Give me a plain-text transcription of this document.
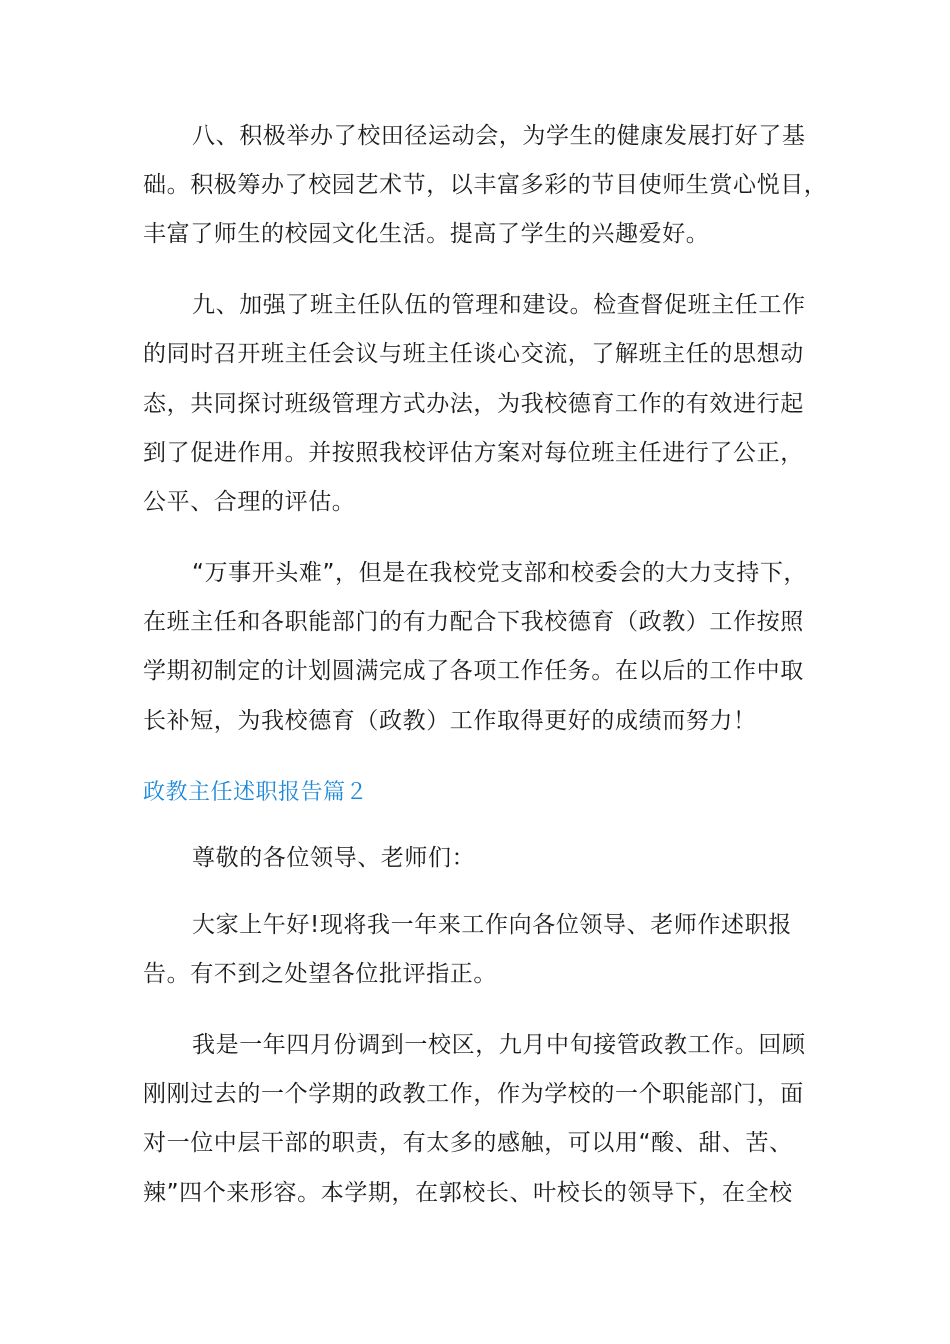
八、积极举办了校田径运动会，为学生的健康发展打好了基
础。积极筹办了校园艺术节，以丰富多彩的节目使师生赏心悦目，
丰富了师生的校园文化生活。提高了学生的兴趣爱好。
九、加强了班主任队伍的管理和建设。检查督促班主任工作
的同时召开班主任会议与班主任谈心交流，了解班主任的思想动
态，共同探讨班级管理方式办法，为我校德育工作的有效进行起
到了促进作用。并按照我校评估方案对每位班主任进行了公正，
公平、合理的评估。
“万事开头难”，但是在我校党支部和校委会的大力支持下，
在班主任和各职能部门的有力配合下我校德育（政教）工作按照
学期初制定的计划圆满完成了各项工作任务。在以后的工作中取
长补短，为我校德育（政教）工作取得更好的成绩而努力！
政教主任述职报告篇２
尊敬的各位领导、老师们：
大家上午好!现将我一年来工作向各位领导、老师作述职报
告。有不到之处望各位批评指正。
我是一年四月份调到一校区，九月中旬接管政教工作。回顾
刚刚过去的一个学期的政教工作，作为学校的一个职能部门，面
对一位中层干部的职责，有太多的感触，可以用“酸、甜、苦、
辣”四个来形容。本学期，在郭校长、叶校长的领导下，在全校
